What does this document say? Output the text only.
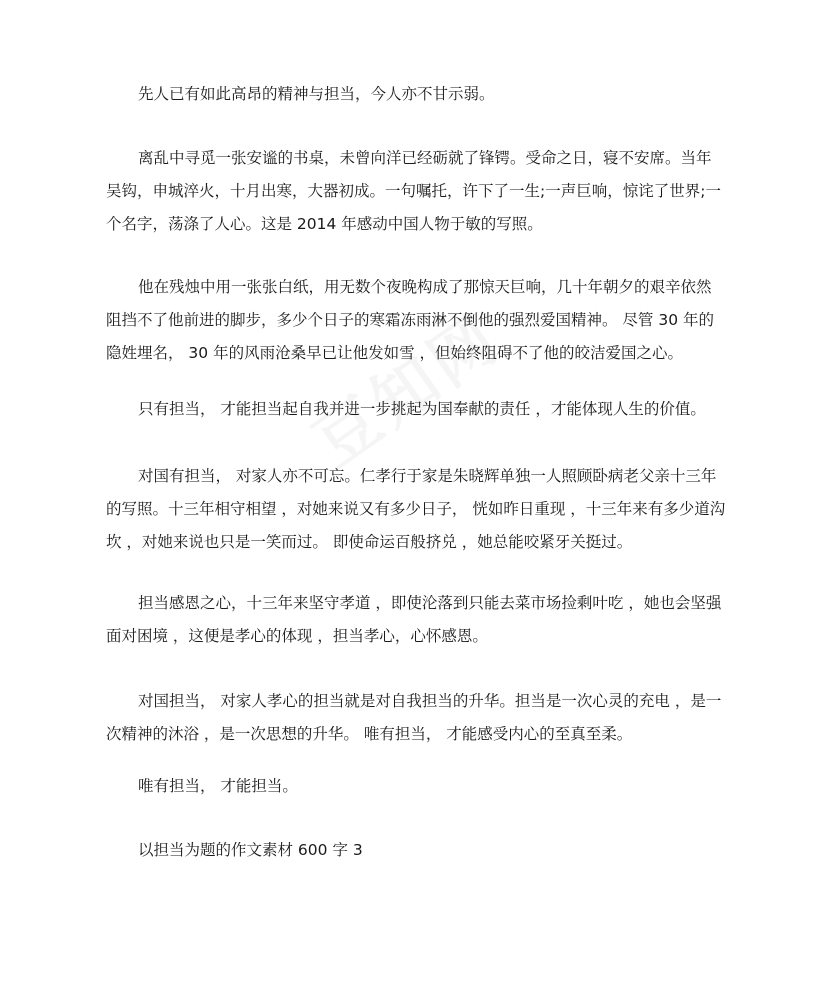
先人已有如此高昂的精神与担当，今人亦不甘示弱。

离乱中寻觅一张安谧的书桌，未曾向洋已经砺就了锋锷。受命之日，寝不安席。当年吴钩，申城淬火，十月出寒，大器初成。一句嘱托，许下了一生;一声巨响，惊诧了世界;一个名字，荡涤了人心。这是 2014 年感动中国人物于敏的写照。

他在残烛中用一张张白纸，用无数个夜晚构成了那惊天巨响，几十年朝夕的艰辛依然阻挡不了他前进的脚步，多少个日子的寒霜冻雨淋不倒他的强烈爱国精神。 尽管 30 年的隐姓埋名， 30 年的风雨沧桑早已让他发如雪 ，但始终阻碍不了他的皎洁爱国之心。

只有担当， 才能担当起自我并进一步挑起为国奉献的责任 ，才能体现人生的价值。

对国有担当， 对家人亦不可忘。仁孝行于家是朱晓辉单独一人照顾卧病老父亲十三年的写照。十三年相守相望 ，对她来说又有多少日子， 恍如昨日重现 ，十三年来有多少道沟坎 ，对她来说也只是一笑而过。 即使命运百般挤兑 ，她总能咬紧牙关挺过。

担当感恩之心，十三年来坚守孝道 ，即使沦落到只能去菜市场捡剩叶吃 ，她也会坚强面对困境 ，这便是孝心的体现 ，担当孝心，心怀感恩。

对国担当， 对家人孝心的担当就是对自我担当的升华。担当是一次心灵的充电 ，是一次精神的沐浴 ，是一次思想的升华。 唯有担当， 才能感受内心的至真至柔。

唯有担当， 才能担当。

以担当为题的作文素材 600 字 3
